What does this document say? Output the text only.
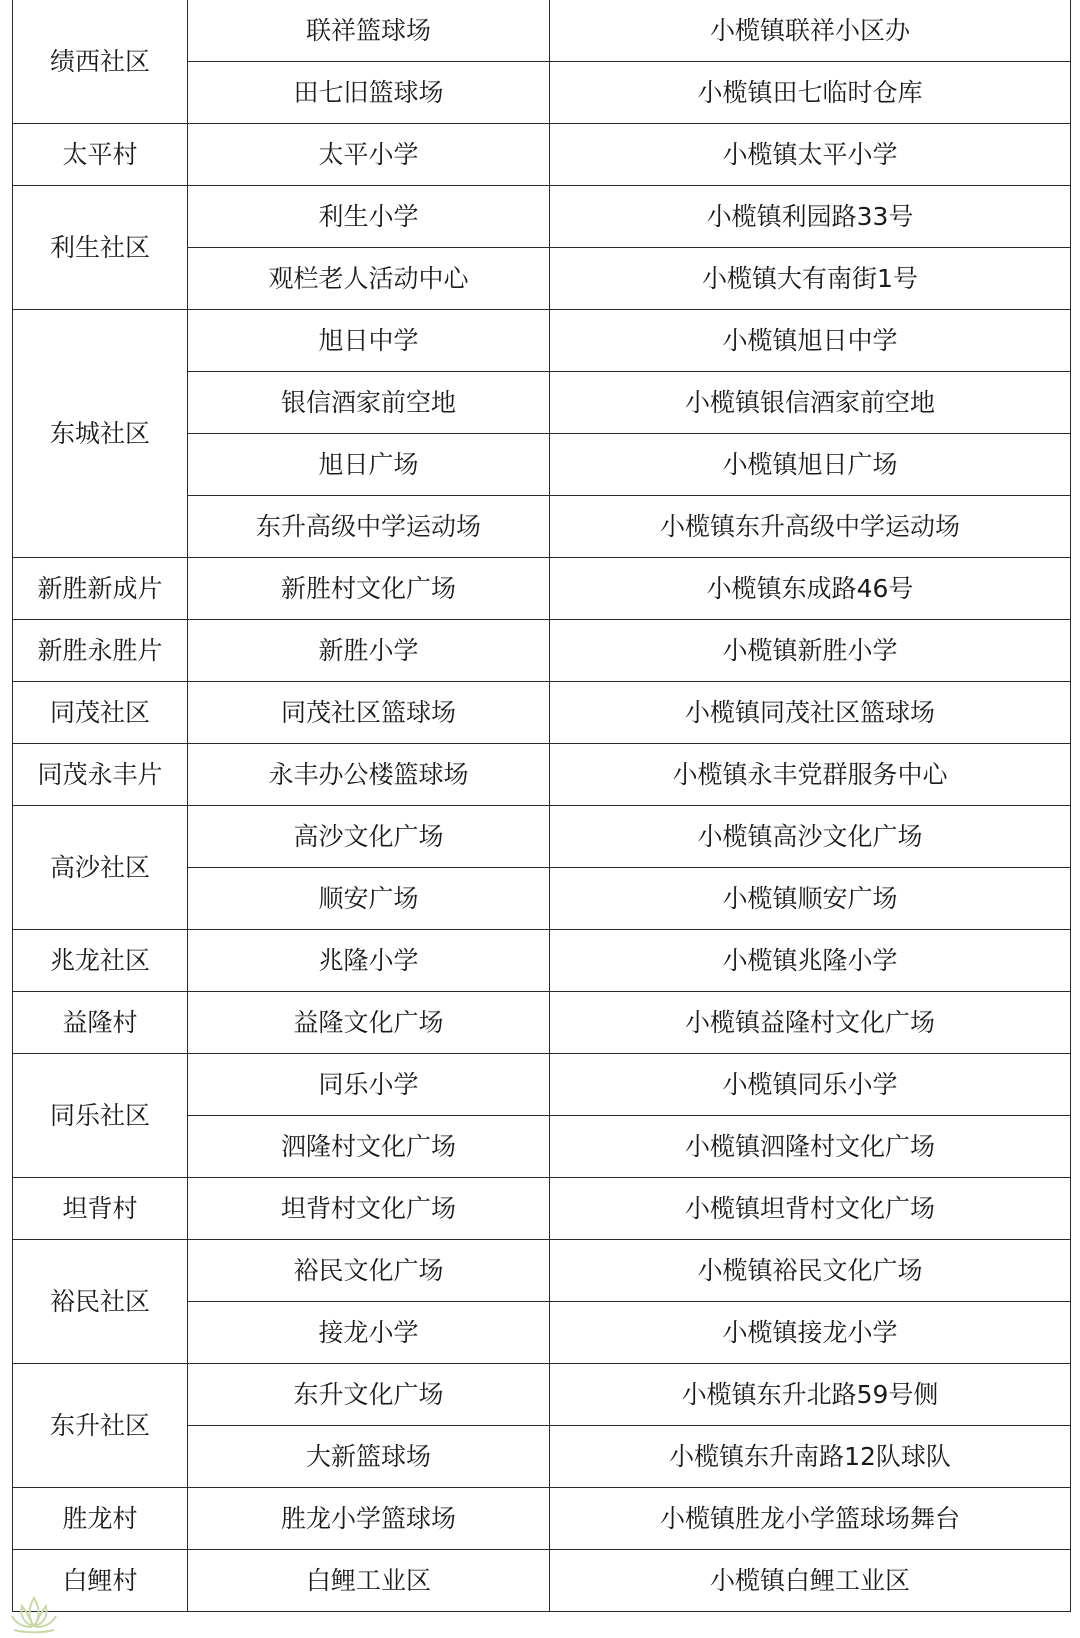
绩西社区	联祥篮球场	小榄镇联祥小区办
	田七旧篮球场	小榄镇田七临时仓库
太平村	太平小学	小榄镇太平小学
利生社区	利生小学	小榄镇利园路33号
	观栏老人活动中心	小榄镇大有南街1号
东城社区	旭日中学	小榄镇旭日中学
	银信酒家前空地	小榄镇银信酒家前空地
	旭日广场	小榄镇旭日广场
	东升高级中学运动场	小榄镇东升高级中学运动场
新胜新成片	新胜村文化广场	小榄镇东成路46号
新胜永胜片	新胜小学	小榄镇新胜小学
同茂社区	同茂社区篮球场	小榄镇同茂社区篮球场
同茂永丰片	永丰办公楼篮球场	小榄镇永丰党群服务中心
高沙社区	高沙文化广场	小榄镇高沙文化广场
	顺安广场	小榄镇顺安广场
兆龙社区	兆隆小学	小榄镇兆隆小学
益隆村	益隆文化广场	小榄镇益隆村文化广场
同乐社区	同乐小学	小榄镇同乐小学
	泗隆村文化广场	小榄镇泗隆村文化广场
坦背村	坦背村文化广场	小榄镇坦背村文化广场
裕民社区	裕民文化广场	小榄镇裕民文化广场
	接龙小学	小榄镇接龙小学
东升社区	东升文化广场	小榄镇东升北路59号侧
	大新篮球场	小榄镇东升南路12队球队
胜龙村	胜龙小学篮球场	小榄镇胜龙小学篮球场舞台
白鲤村	白鲤工业区	小榄镇白鲤工业区
